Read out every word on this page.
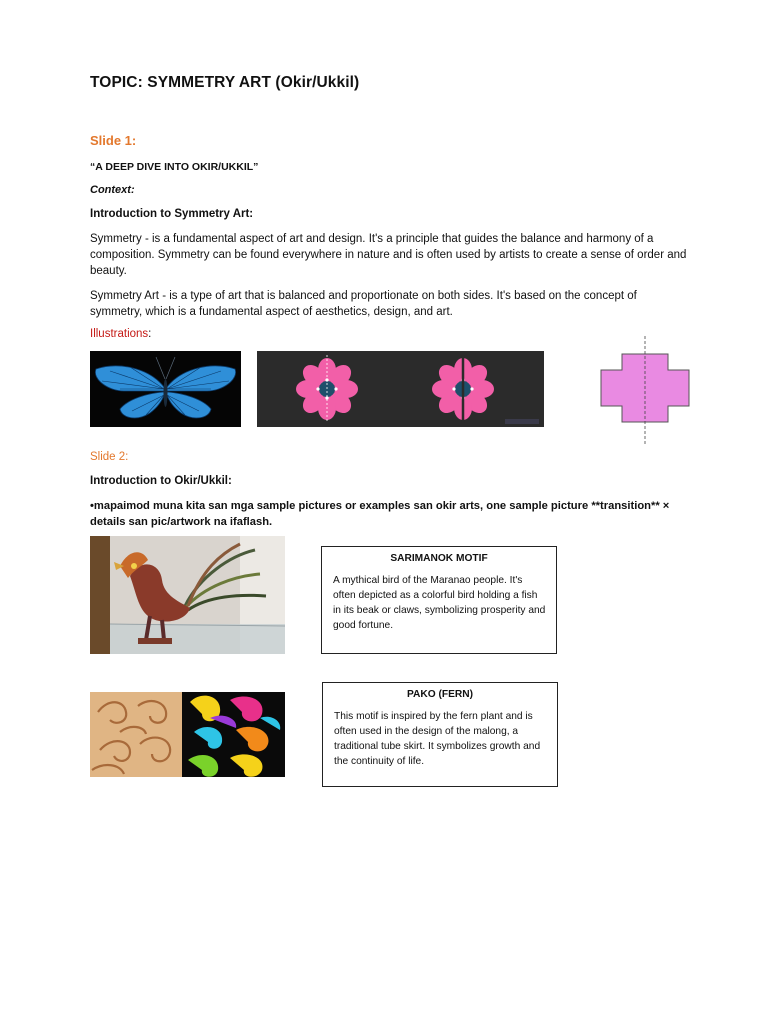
TOPIC: SYMMETRY ART (Okir/Ukkil)
Slide 1:
“A DEEP DIVE INTO OKIR/UKKIL”
Context:
Introduction to Symmetry Art:
Symmetry - is a fundamental aspect of art and design. It's a principle that guides the balance and harmony of a composition. Symmetry can be found everywhere in nature and is often used by artists to create a sense of order and beauty.
Symmetry Art - is a type of art that is balanced and proportionate on both sides. It's based on the concept of symmetry, which is a fundamental aspect of aesthetics, design, and art.
Illustrations:
Slide 2:
Introduction to Okir/Ukkil:
•mapaimod muna kita san mga sample pictures or examples san okir arts, one sample picture **transition** × details san pic/artwork na ifaflash.
SARIMANOK MOTIF
A mythical bird of the Maranao people. It's often depicted as a colorful bird holding a fish in its beak or claws, symbolizing prosperity and good fortune.
PAKO (FERN)
This motif is inspired by the fern plant and is often used in the design of the malong, a traditional tube skirt. It symbolizes growth and the continuity of life.
